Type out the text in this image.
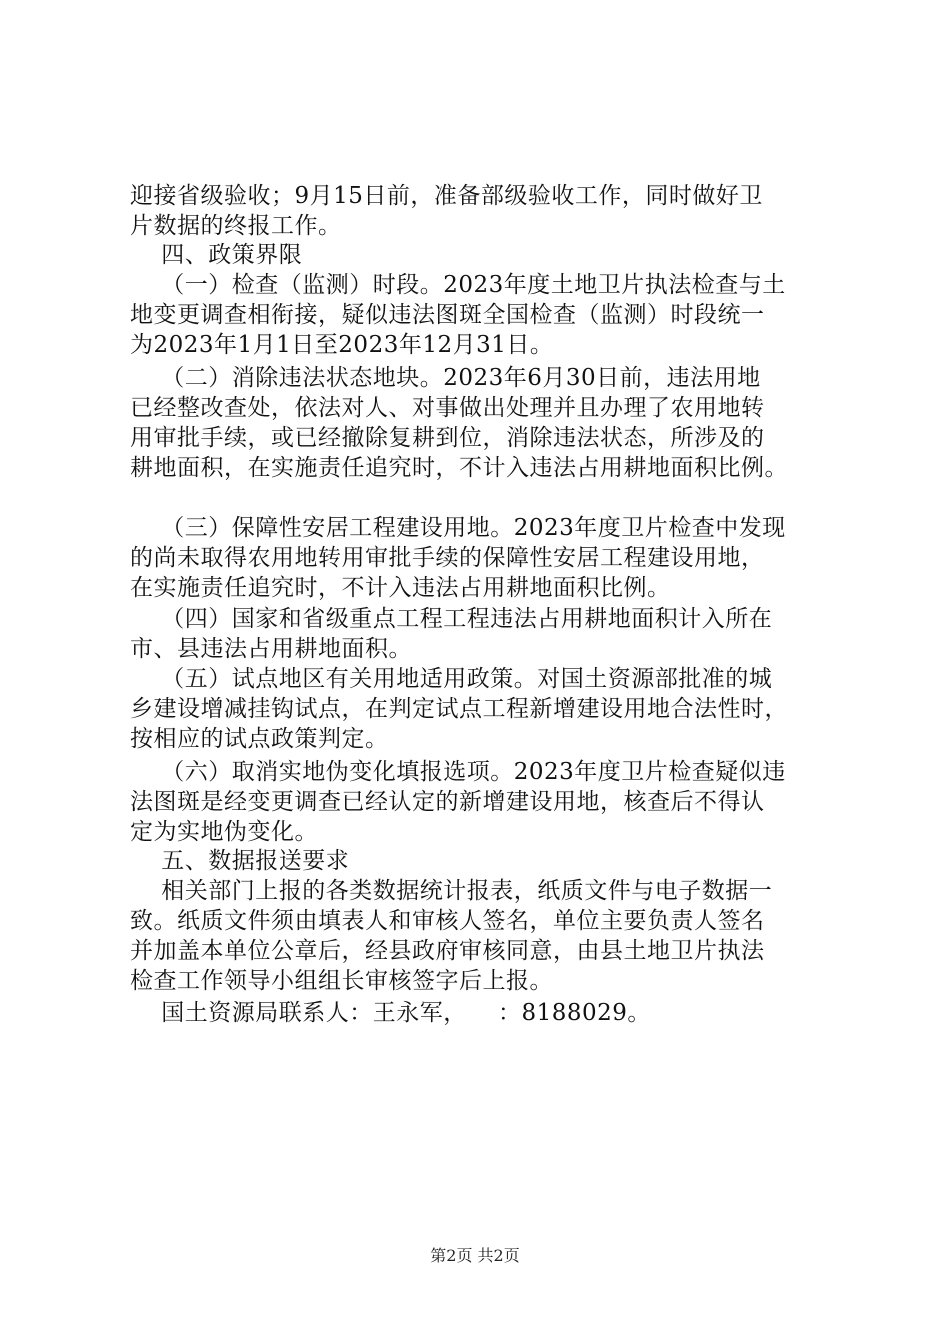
迎接省级验收；9月15日前，准备部级验收工作，同时做好卫
片数据的终报工作。
四、政策界限
（一）检查（监测）时段。2023年度土地卫片执法检查与土
地变更调查相衔接，疑似违法图斑全国检查（监测）时段统一
为2023年1月1日至2023年12月31日。
（二）消除违法状态地块。2023年6月30日前，违法用地
已经整改查处，依法对人、对事做出处理并且办理了农用地转
用审批手续，或已经撤除复耕到位，消除违法状态，所涉及的
耕地面积，在实施责任追究时，不计入违法占用耕地面积比例。
（三）保障性安居工程建设用地。2023年度卫片检查中发现
的尚未取得农用地转用审批手续的保障性安居工程建设用地，
在实施责任追究时，不计入违法占用耕地面积比例。
（四）国家和省级重点工程工程违法占用耕地面积计入所在
市、县违法占用耕地面积。
（五）试点地区有关用地适用政策。对国土资源部批准的城
乡建设增减挂钩试点，在判定试点工程新增建设用地合法性时，
按相应的试点政策判定。
（六）取消实地伪变化填报选项。2023年度卫片检查疑似违
法图斑是经变更调查已经认定的新增建设用地，核查后不得认
定为实地伪变化。
五、数据报送要求
相关部门上报的各类数据统计报表，纸质文件与电子数据一
致。纸质文件须由填表人和审核人签名，单位主要负责人签名
并加盖本单位公章后，经县政府审核同意，由县土地卫片执法
检查工作领导小组组长审核签字后上报。
国土资源局联系人：王永军，    ：8188029。
第2页 共2页
